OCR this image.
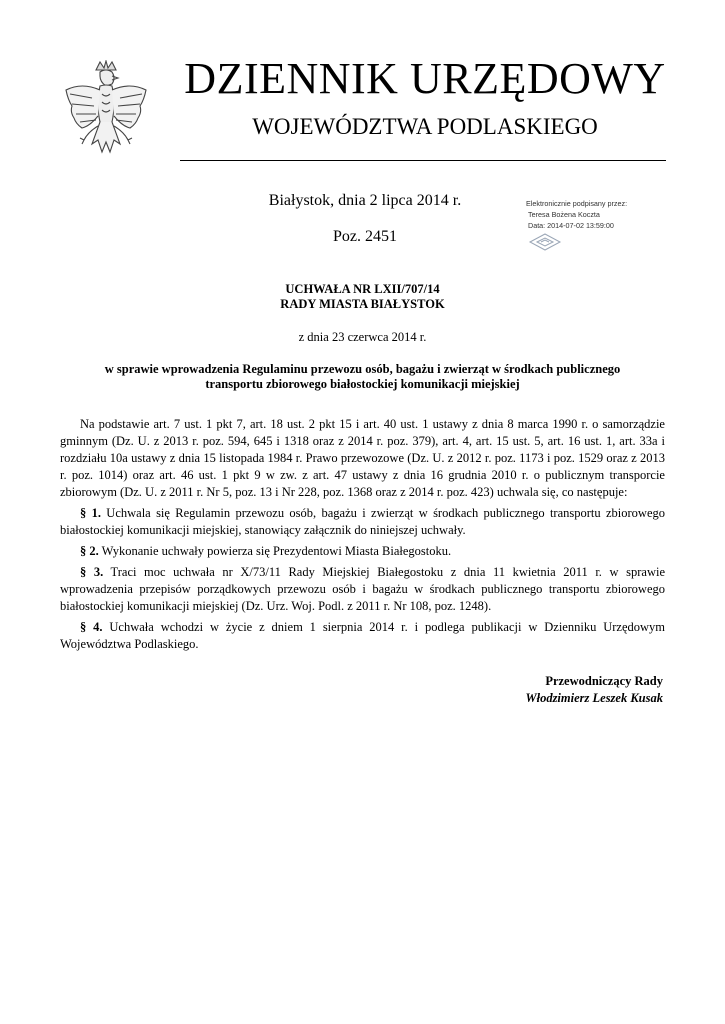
DZIENNIK URZĘDOWY
WOJEWÓDZTWA PODLASKIEGO
Białystok, dnia 2 lipca 2014 r.
Poz. 2451
Elektronicznie podpisany przez:
Teresa Bożena Koczta
Data: 2014-07-02 13:59:00
UCHWAŁA NR LXII/707/14
RADY MIASTA BIAŁYSTOK
z dnia 23 czerwca 2014 r.
w sprawie wprowadzenia Regulaminu przewozu osób, bagażu i zwierząt w środkach publicznego
transportu zbiorowego białostockiej komunikacji miejskiej

Na podstawie art. 7 ust. 1 pkt 7, art. 18 ust. 2 pkt 15 i art. 40 ust. 1 ustawy z dnia 8 marca 1990 r. o samorządzie gminnym (Dz. U. z 2013 r. poz. 594, 645 i 1318 oraz z 2014 r. poz. 379), art. 4, art. 15 ust. 5, art. 16 ust. 1, art. 33a i rozdziału 10a ustawy z dnia 15 listopada 1984 r. Prawo przewozowe (Dz. U. z 2012 r. poz. 1173 i poz. 1529 oraz z 2013 r. poz. 1014) oraz art. 46 ust. 1 pkt 9 w zw. z art. 47 ustawy z dnia 16 grudnia 2010 r. o publicznym transporcie zbiorowym (Dz. U. z 2011 r. Nr 5, poz. 13 i Nr 228, poz. 1368 oraz z 2014 r. poz. 423) uchwala się, co następuje:

§ 1. Uchwala się Regulamin przewozu osób, bagażu i zwierząt w środkach publicznego transportu zbiorowego białostockiej komunikacji miejskiej, stanowiący załącznik do niniejszej uchwały.

§ 2. Wykonanie uchwały powierza się Prezydentowi Miasta Białegostoku.

§ 3. Traci moc uchwała nr X/73/11 Rady Miejskiej Białegostoku z dnia 11 kwietnia 2011 r. w sprawie wprowadzenia przepisów porządkowych przewozu osób i bagażu w środkach publicznego transportu zbiorowego białostockiej komunikacji miejskiej (Dz. Urz. Woj. Podl. z 2011 r. Nr 108, poz. 1248).

§ 4. Uchwała wchodzi w życie z dniem 1 sierpnia 2014 r. i podlega publikacji w Dzienniku Urzędowym Województwa Podlaskiego.

Przewodniczący Rady
Włodzimierz Leszek Kusak
